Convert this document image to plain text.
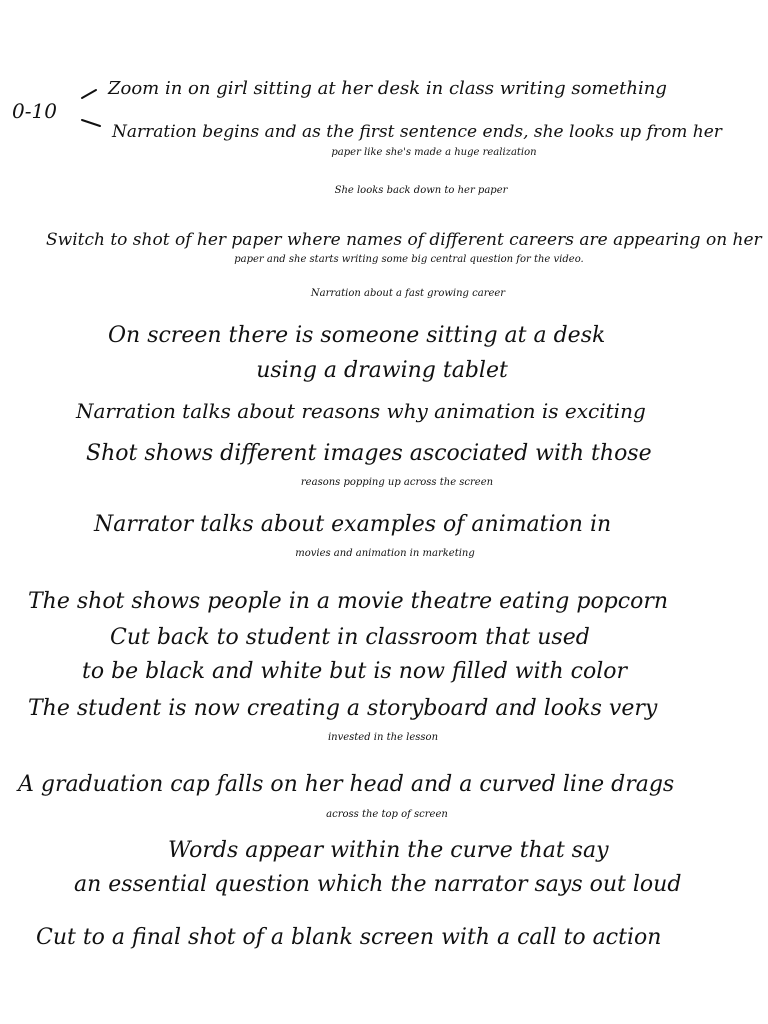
0-10
Zoom in on girl sitting at her desk in class writing something
Narration begins and as the first sentence ends, she looks up from her
paper like she's made a huge realization
She looks back down to her paper
Switch to shot of her paper where names of different careers are appearing on her
paper and she starts writing some big central question for the video.
Narration about a fast growing career
On screen there is someone sitting at a desk
using a drawing tablet
Narration talks about reasons why animation is exciting
Shot shows different images ascociated with those
reasons popping up across the screen
Narrator talks about examples of animation in
movies and animation in marketing
The shot shows people in a movie theatre eating popcorn
Cut back to student in classroom that used
to be black and white but is now filled with color
The student is now creating a storyboard and looks very
invested in the lesson
A graduation cap falls on her head and a curved line drags
across the top of screen
Words appear within the curve that say
an essential question which the narrator says out loud
Cut to a final shot of a blank screen with a call to action
